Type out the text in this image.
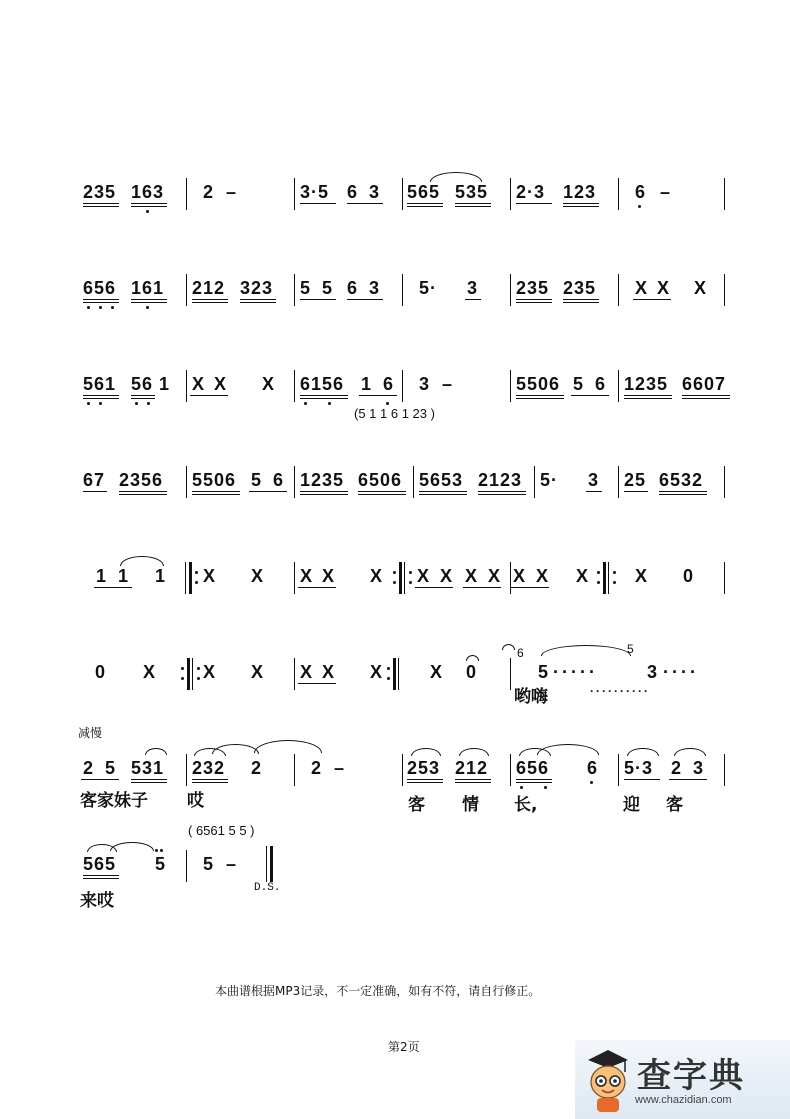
235 163 2 –	3·5 6 3 565 535 2·3 123 6 –
656 161 212 323 5 5 6 3 5· 3 235 235 X X X
561 56 1 X X X 6156 1 6 3 –	5506 5 6 1235 6607
(5 1 1 6 1 23 )
67 2356 5506 5 6 1235 6506 5653 2123 5· 3 25 6532
1 1 1 X X X X X X X X X X X X	X 0
0 X	X X X X X	X 0
6
5 ·····
5
3 ····
哟嗨	··········
减慢
2 5 531 232 2	2 –	253 212 656 6 5·3 2 3
客家妹子 哎	客 情 长,	迎 客
( 6561 5 5 )
565 5 5 –
D.S.
来哎
本曲谱根据MP3记录，不一定准确，如有不符，请自行修正。
第2页
查字典
www.chazidian.com
